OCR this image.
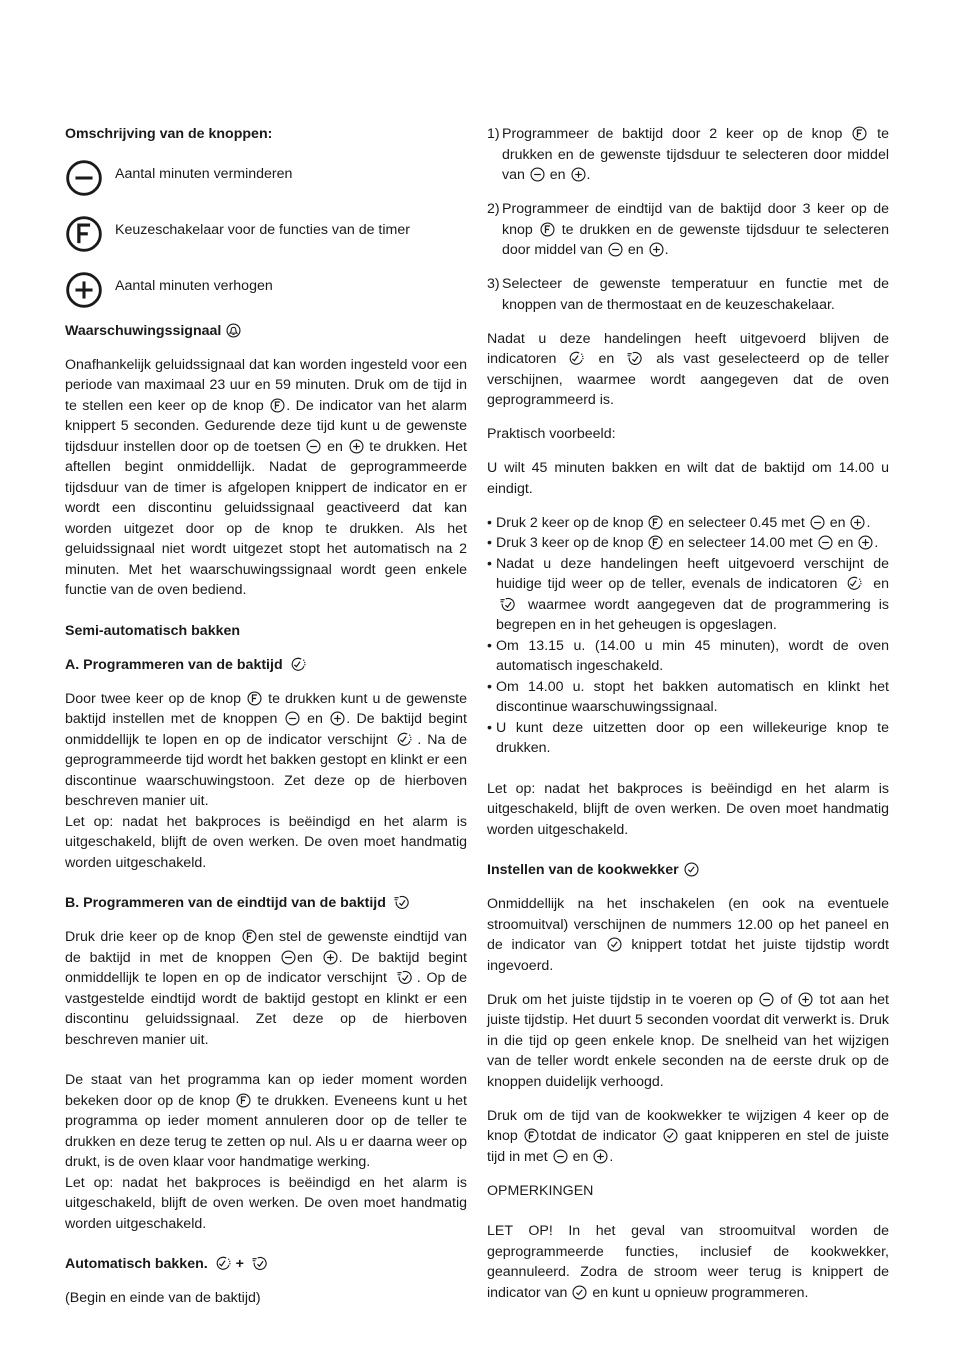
Omschrijving van de knoppen:

Aantal minuten verminderen
Keuzeschakelaar voor de functies van de timer
Aantal minuten verhogen

Waarschuwingssignaal

Onafhankelijk geluidssignaal dat kan worden ingesteld voor een periode van maximaal 23 uur en 59 minuten. Druk om de tijd in te stellen een keer op de knop . De indicator van het alarm knippert 5 seconden. Gedurende deze tijd kunt u de gewenste tijdsduur instellen door op de toetsen en te drukken. Het aftellen begint onmiddellijk. Nadat de geprogrammeerde tijdsduur van de timer is afgelopen knippert de indicator en er wordt een discontinu geluidssignaal geactiveerd dat kan worden uitgezet door op de knop te drukken. Als het geluidssignaal niet wordt uitgezet stopt het automatisch na 2 minuten. Met het waarschuwingssignaal wordt geen enkele functie van de oven bediend.

Semi-automatisch bakken

A. Programmeren van de baktijd

Door twee keer op de knop te drukken kunt u de gewenste baktijd instellen met de knoppen en . De baktijd begint onmiddellijk te lopen en op de indicator verschijnt . Na de geprogrammeerde tijd wordt het bakken gestopt en klinkt er een discontinue waarschuwingstoon. Zet deze op de hierboven beschreven manier uit.

Let op: nadat het bakproces is beëindigd en het alarm is uitgeschakeld, blijft de oven werken. De oven moet handmatig worden uitgeschakeld.

B. Programmeren van de eindtijd van de baktijd

Druk drie keer op de knop en stel de gewenste eindtijd van de baktijd in met de knoppen en . De baktijd begint onmiddellijk te lopen en op de indicator verschijnt . Op de vastgestelde eindtijd wordt de baktijd gestopt en klinkt er een discontinu geluidssignaal. Zet deze op de hierboven beschreven manier uit.

De staat van het programma kan op ieder moment worden bekeken door op de knop te drukken. Eveneens kunt u het programma op ieder moment annuleren door op de teller te drukken en deze terug te zetten op nul. Als u er daarna weer op drukt, is de oven klaar voor handmatige werking.

Let op: nadat het bakproces is beëindigd en het alarm is uitgeschakeld, blijft de oven werken. De oven moet handmatig worden uitgeschakeld.

Automatisch bakken. +

(Begin en einde van de baktijd)

1) Programmeer de baktijd door 2 keer op de knop te drukken en de gewenste tijdsduur te selecteren door middel van en .
2) Programmeer de eindtijd van de baktijd door 3 keer op de knop te drukken en de gewenste tijdsduur te selecteren door middel van en .
3) Selecteer de gewenste temperatuur en functie met de knoppen van de thermostaat en de keuzeschakelaar.

Nadat u deze handelingen heeft uitgevoerd blijven de indicatoren	en	als vast geselecteerd op de teller verschijnen, waarmee wordt aangegeven dat de oven geprogrammeerd is.

Praktisch voorbeeld:

U wilt 45 minuten bakken en wilt dat de baktijd om 14.00 u eindigt.

• Druk 2 keer op de knop en selecteer 0.45 met en .
• Druk 3 keer op de knop en selecteer 14.00 met en .
• Nadat u deze handelingen heeft uitgevoerd verschijnt de huidige tijd weer op de teller, evenals de indicatoren	en
waarmee wordt aangegeven dat de programmering is begrepen en in het geheugen is opgeslagen.
• Om 13.15 u. (14.00 u min 45 minuten), wordt de oven automatisch ingeschakeld.
• Om 14.00 u. stopt het bakken automatisch en klinkt het discontinue waarschuwingssignaal.
• U kunt deze uitzetten door op een willekeurige knop te drukken.

Let op: nadat het bakproces is beëindigd en het alarm is uitgeschakeld, blijft de oven werken. De oven moet handmatig worden uitgeschakeld.

Instellen van de kookwekker

Onmiddellijk na het inschakelen (en ook na eventuele stroomuitval) verschijnen de nummers 12.00 op het paneel en de indicator van knippert totdat het juiste tijdstip wordt ingevoerd.

Druk om het juiste tijdstip in te voeren op of tot aan het juiste tijdstip. Het duurt 5 seconden voordat dit verwerkt is. Druk in die tijd op geen enkele knop. De snelheid van het wijzigen van de teller wordt enkele seconden na de eerste druk op de knoppen duidelijk verhoogd.

Druk om de tijd van de kookwekker te wijzigen 4 keer op de knop totdat de indicator gaat knipperen en stel de juiste tijd in met en .

OPMERKINGEN

LET OP! In het geval van stroomuitval worden de geprogrammeerde functies, inclusief de kookwekker, geannuleerd. Zodra de stroom weer terug is knippert de indicator van en kunt u opnieuw programmeren.
